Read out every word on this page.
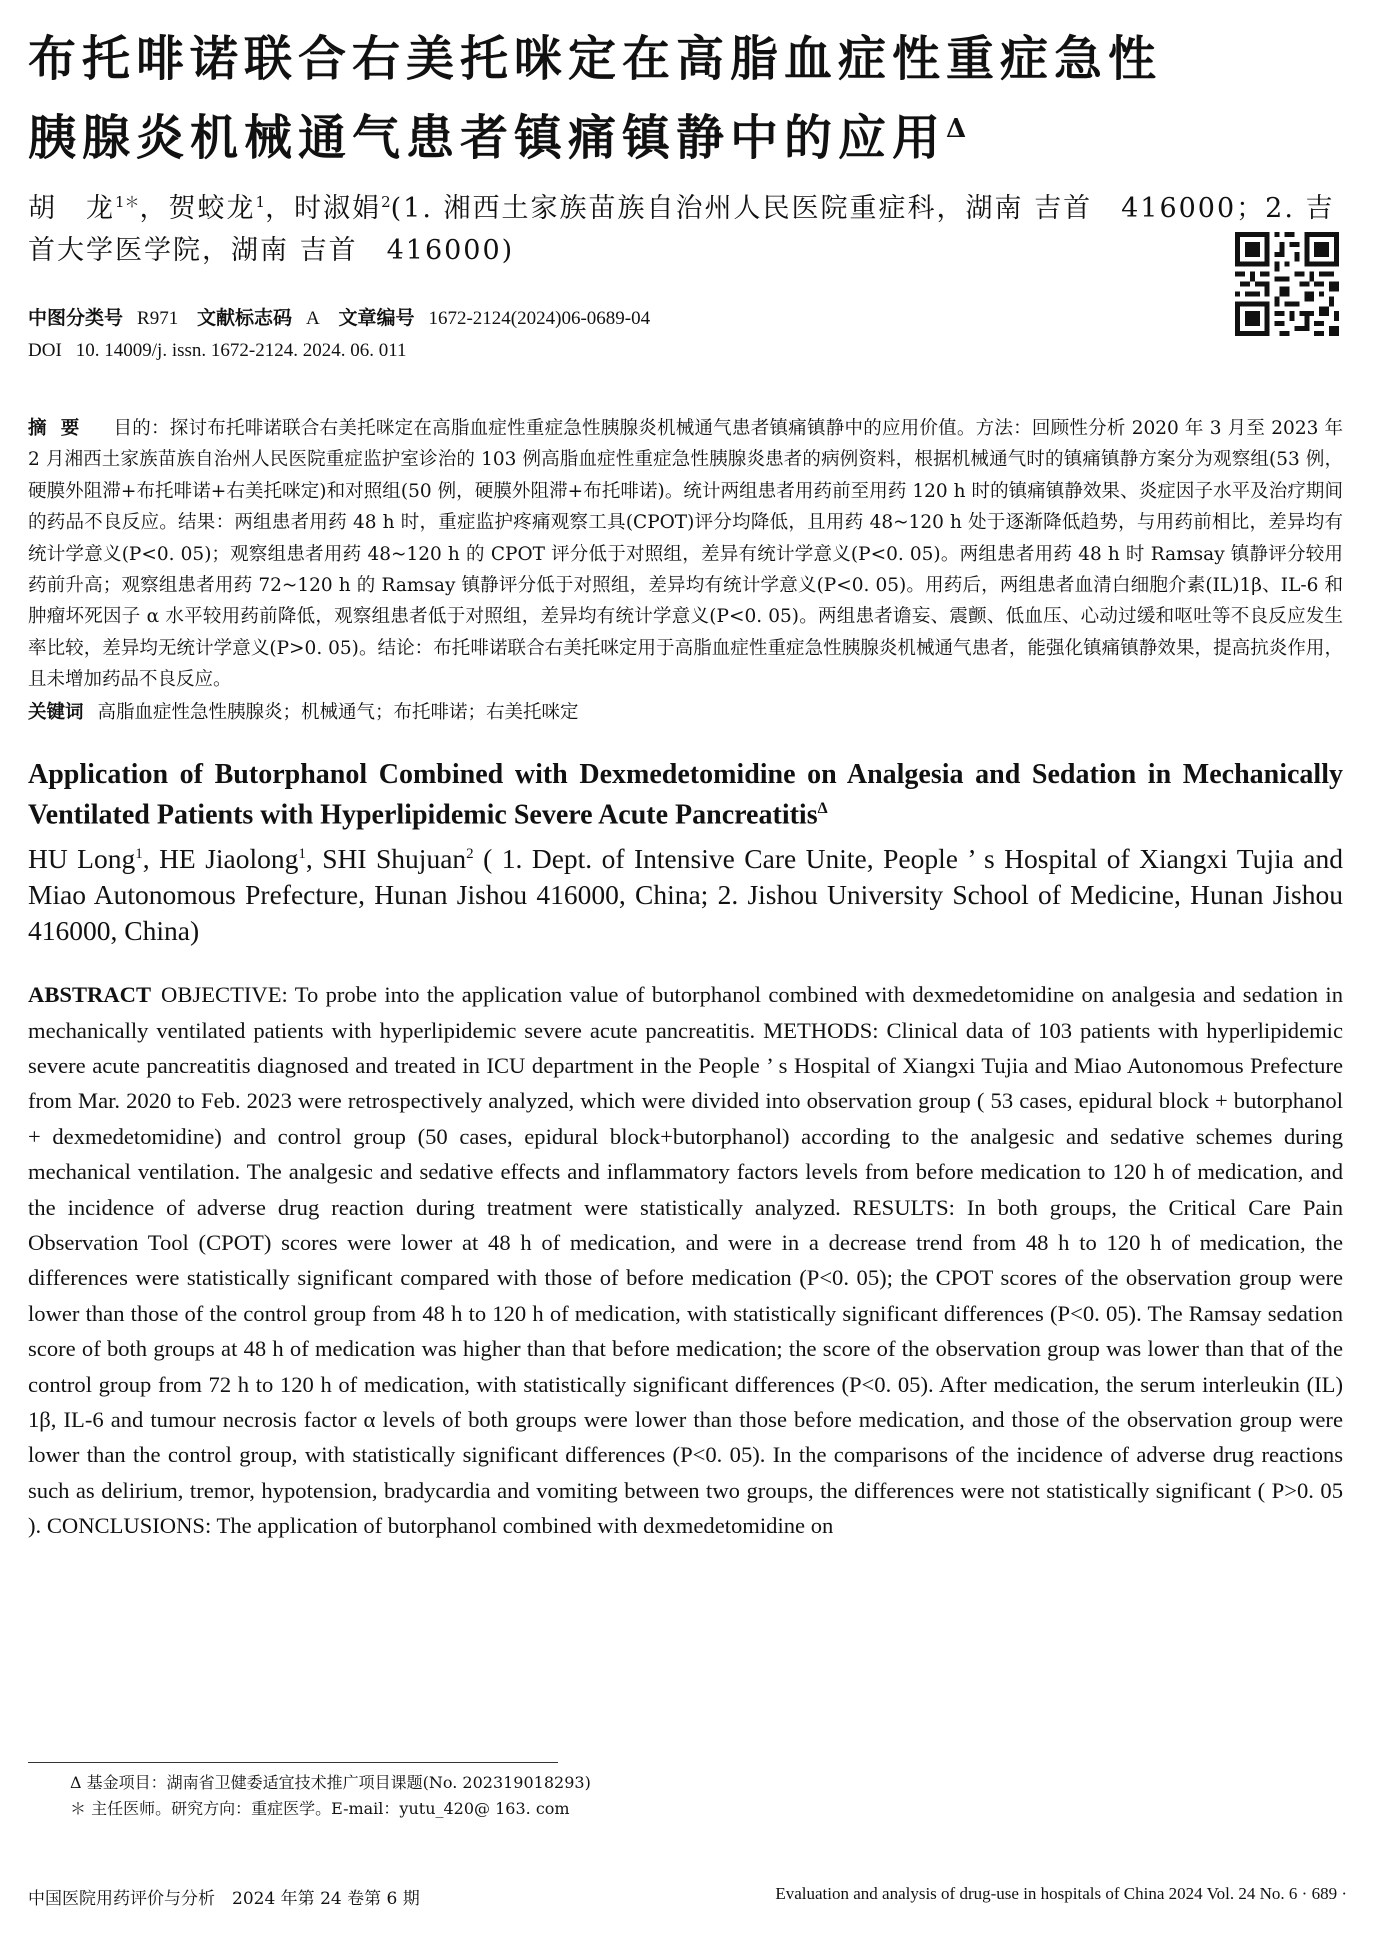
布托啡诺联合右美托咪定在高脂血症性重症急性
胰腺炎机械通气患者镇痛镇静中的应用$^\Delta$
胡　龙$^{1*}$，贺蛟龙$^1$，时淑娟$^2$(1. 湘西土家族苗族自治州人民医院重症科，湖南 吉首　416000；2. 吉首大学医学院，湖南 吉首　416000)
中图分类号 R971 文献标志码 A 文章编号 1672-2124(2024)06-0689-04
DOI 10. 14009/j. issn. 1672-2124. 2024. 06. 011
摘要 目的：探讨布托啡诺联合右美托咪定在高脂血症性重症急性胰腺炎机械通气患者镇痛镇静中的应用价值。方法：回顾性分析 2020 年 3 月至 2023 年 2 月湘西土家族苗族自治州人民医院重症监护室诊治的 103 例高脂血症性重症急性胰腺炎患者的病例资料，根据机械通气时的镇痛镇静方案分为观察组(53 例，硬膜外阻滞+布托啡诺+右美托咪定)和对照组(50 例，硬膜外阻滞+布托啡诺)。统计两组患者用药前至用药 120 h 时的镇痛镇静效果、炎症因子水平及治疗期间的药品不良反应。结果：两组患者用药 48 h 时，重症监护疼痛观察工具(CPOT)评分均降低，且用药 48~120 h 处于逐渐降低趋势，与用药前相比，差异均有统计学意义(P<0. 05)；观察组患者用药 48~120 h 的 CPOT 评分低于对照组，差异有统计学意义(P<0. 05)。两组患者用药 48 h 时 Ramsay 镇静评分较用药前升高；观察组患者用药 72~120 h 的 Ramsay 镇静评分低于对照组，差异均有统计学意义(P<0. 05)。用药后，两组患者血清白细胞介素(IL)1β、IL-6 和肿瘤坏死因子 α 水平较用药前降低，观察组患者低于对照组，差异均有统计学意义(P<0. 05)。两组患者谵妄、震颤、低血压、心动过缓和呕吐等不良反应发生率比较，差异均无统计学意义(P>0. 05)。结论：布托啡诺联合右美托咪定用于高脂血症性重症急性胰腺炎机械通气患者，能强化镇痛镇静效果，提高抗炎作用，且未增加药品不良反应。
关键词 高脂血症性急性胰腺炎；机械通气；布托啡诺；右美托咪定
Application of Butorphanol Combined with Dexmedetomidine on Analgesia and Sedation in Mechanically Ventilated Patients with Hyperlipidemic Severe Acute Pancreatitis$^\Delta$
HU Long$^1$, HE Jiaolong$^1$, SHI Shujuan$^2$ ( 1. Dept. of Intensive Care Unite, People ’ s Hospital of Xiangxi Tujia and Miao Autonomous Prefecture, Hunan Jishou 416000, China; 2. Jishou University School of Medicine, Hunan Jishou 416000, China)
ABSTRACT OBJECTIVE: To probe into the application value of butorphanol combined with dexmedetomidine on analgesia and sedation in mechanically ventilated patients with hyperlipidemic severe acute pancreatitis. METHODS: Clinical data of 103 patients with hyperlipidemic severe acute pancreatitis diagnosed and treated in ICU department in the People ’ s Hospital of Xiangxi Tujia and Miao Autonomous Prefecture from Mar. 2020 to Feb. 2023 were retrospectively analyzed, which were divided into observation group ( 53 cases, epidural block + butorphanol + dexmedetomidine) and control group (50 cases, epidural block+butorphanol) according to the analgesic and sedative schemes during mechanical ventilation. The analgesic and sedative effects and inflammatory factors levels from before medication to 120 h of medication, and the incidence of adverse drug reaction during treatment were statistically analyzed. RESULTS: In both groups, the Critical Care Pain Observation Tool (CPOT) scores were lower at 48 h of medication, and were in a decrease trend from 48 h to 120 h of medication, the differences were statistically significant compared with those of before medication (P<0. 05); the CPOT scores of the observation group were lower than those of the control group from 48 h to 120 h of medication, with statistically significant differences (P<0. 05). The Ramsay sedation score of both groups at 48 h of medication was higher than that before medication; the score of the observation group was lower than that of the control group from 72 h to 120 h of medication, with statistically significant differences (P<0. 05). After medication, the serum interleukin (IL) 1β, IL-6 and tumour necrosis factor α levels of both groups were lower than those before medication, and those of the observation group were lower than the control group, with statistically significant differences (P<0. 05). In the comparisons of the incidence of adverse drug reactions such as delirium, tremor, hypotension, bradycardia and vomiting between two groups, the differences were not statistically significant ( P>0. 05 ). CONCLUSIONS: The application of butorphanol combined with dexmedetomidine on
Δ 基金项目：湖南省卫健委适宜技术推广项目课题(No. 202319018293)
＊ 主任医师。研究方向：重症医学。E-mail：yutu_420@ 163. com
中国医院用药评价与分析　2024 年第 24 卷第 6 期	Evaluation and analysis of drug-use in hospitals of China 2024 Vol. 24 No. 6 · 689 ·
